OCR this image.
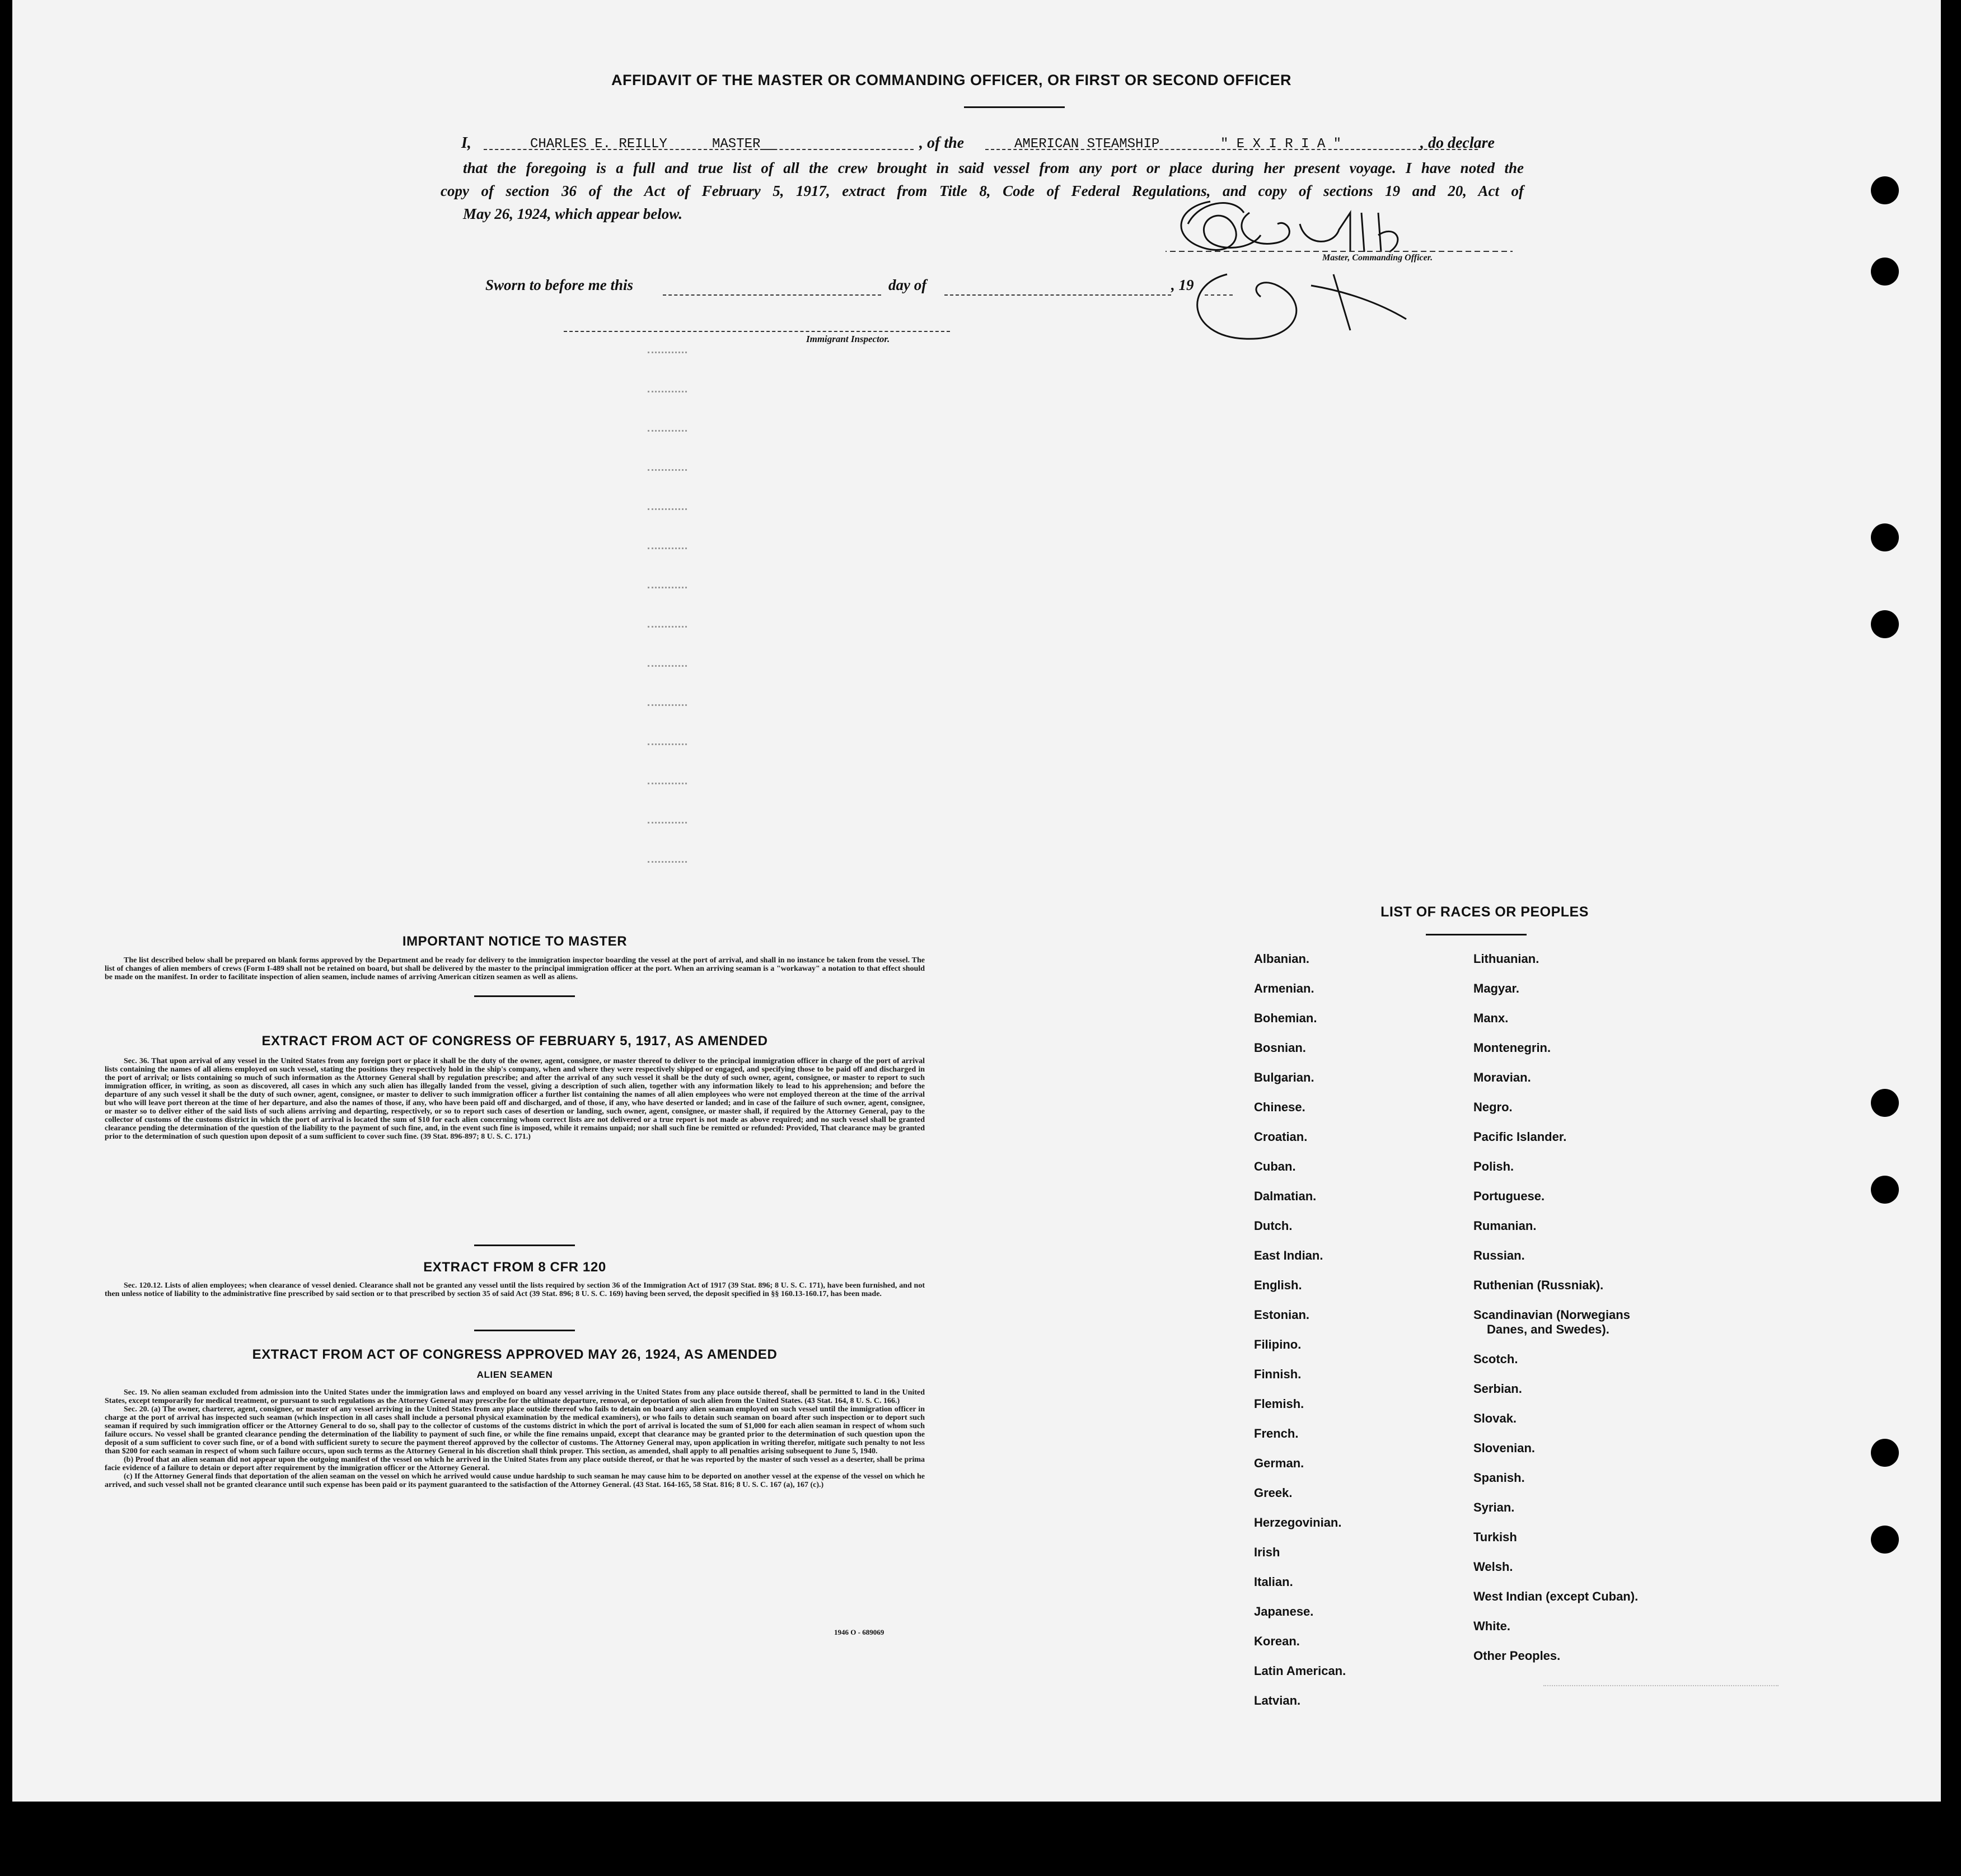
AFFIDAVIT OF THE MASTER OR COMMANDING OFFICER, OR FIRST OR SECOND OFFICER
I,	CHARLES E. REILLY	MASTER	, of the	AMERICAN STEAMSHIP	" E X I R I A "	, do declare
that the foregoing is a full and true list of all the crew brought in said vessel from any port or place during her present voyage. I have noted the
copy of section 36 of the Act of February 5, 1917, extract from Title 8, Code of Federal Regulations, and copy of sections 19 and 20, Act of
May 26, 1924, which appear below.
Master, Commanding Officer.
Sworn to before me this	day of	, 19
Immigrant Inspector.
IMPORTANT NOTICE TO MASTER
The list described below shall be prepared on blank forms approved by the Department and be ready for delivery to the immigration inspector boarding the vessel at the port of arrival, and shall in no instance be taken from the vessel. The list of changes of alien members of crews (Form I-489 shall not be retained on board, but shall be delivered by the master to the principal immigration officer at the port. When an arriving seaman is a "workaway" a notation to that effect should be made on the manifest. In order to facilitate inspection of alien seamen, include names of arriving American citizen seamen as well as aliens.
EXTRACT FROM ACT OF CONGRESS OF FEBRUARY 5, 1917, AS AMENDED
Sec. 36. That upon arrival of any vessel in the United States from any foreign port or place it shall be the duty of the owner, agent, consignee, or master thereof to deliver to the principal immigration officer in charge of the port of arrival lists containing the names of all aliens employed on such vessel, stating the positions they respectively hold in the ship's company, when and where they were respectively shipped or engaged, and specifying those to be paid off and discharged in the port of arrival; or lists containing so much of such information as the Attorney General shall by regulation prescribe; and after the arrival of any such vessel it shall be the duty of such owner, agent, consignee, or master to report to such immigration officer, in writing, as soon as discovered, all cases in which any such alien has illegally landed from the vessel, giving a description of such alien, together with any information likely to lead to his apprehension; and before the departure of any such vessel it shall be the duty of such owner, agent, consignee, or master to deliver to such immigration officer a further list containing the names of all alien employees who were not employed thereon at the time of the arrival but who will leave port thereon at the time of her departure, and also the names of those, if any, who have been paid off and discharged, and of those, if any, who have deserted or landed; and in case of the failure of such owner, agent, consignee, or master so to deliver either of the said lists of such aliens arriving and departing, respectively, or so to report such cases of desertion or landing, such owner, agent, consignee, or master shall, if required by the Attorney General, pay to the collector of customs of the customs district in which the port of arrival is located the sum of $10 for each alien concerning whom correct lists are not delivered or a true report is not made as above required; and no such vessel shall be granted clearance pending the determination of the question of the liability to the payment of such fine, and, in the event such fine is imposed, while it remains unpaid; nor shall such fine be remitted or refunded: Provided, That clearance may be granted prior to the determination of such question upon deposit of a sum sufficient to cover such fine. (39 Stat. 896-897; 8 U. S. C. 171.)
EXTRACT FROM 8 CFR 120
Sec. 120.12. Lists of alien employees; when clearance of vessel denied. Clearance shall not be granted any vessel until the lists required by section 36 of the Immigration Act of 1917 (39 Stat. 896; 8 U. S. C. 171), have been furnished, and not then unless notice of liability to the administrative fine prescribed by said section or to that prescribed by section 35 of said Act (39 Stat. 896; 8 U. S. C. 169) having been served, the deposit specified in §§ 160.13-160.17, has been made.
EXTRACT FROM ACT OF CONGRESS APPROVED MAY 26, 1924, AS AMENDED
ALIEN SEAMEN
Sec. 19. No alien seaman excluded from admission into the United States under the immigration laws and employed on board any vessel arriving in the United States from any place outside thereof, shall be permitted to land in the United States, except temporarily for medical treatment, or pursuant to such regulations as the Attorney General may prescribe for the ultimate departure, removal, or deportation of such alien from the United States. (43 Stat. 164, 8 U. S. C. 166.)
Sec. 20. (a) The owner, charterer, agent, consignee, or master of any vessel arriving in the United States from any place outside thereof who fails to detain on board any alien seaman employed on such vessel until the immigration officer in charge at the port of arrival has inspected such seaman (which inspection in all cases shall include a personal physical examination by the medical examiners), or who fails to detain such seaman on board after such inspection or to deport such seaman if required by such immigration officer or the Attorney General to do so, shall pay to the collector of customs of the customs district in which the port of arrival is located the sum of $1,000 for each alien seaman in respect of whom such failure occurs. No vessel shall be granted clearance pending the determination of the liability to payment of such fine, or while the fine remains unpaid, except that clearance may be granted prior to the determination of such question upon the deposit of a sum sufficient to cover such fine, or of a bond with sufficient surety to secure the payment thereof approved by the collector of customs. The Attorney General may, upon application in writing therefor, mitigate such penalty to not less than $200 for each seaman in respect of whom such failure occurs, upon such terms as the Attorney General in his discretion shall think proper. This section, as amended, shall apply to all penalties arising subsequent to June 5, 1940.
(b) Proof that an alien seaman did not appear upon the outgoing manifest of the vessel on which he arrived in the United States from any place outside thereof, or that he was reported by the master of such vessel as a deserter, shall be prima facie evidence of a failure to detain or deport after requirement by the immigration officer or the Attorney General.
(c) If the Attorney General finds that deportation of the alien seaman on the vessel on which he arrived would cause undue hardship to such seaman he may cause him to be deported on another vessel at the expense of the vessel on which he arrived, and such vessel shall not be granted clearance until such expense has been paid or its payment guaranteed to the satisfaction of the Attorney General. (43 Stat. 164-165, 58 Stat. 816; 8 U. S. C. 167 (a), 167 (c).)
1946 O - 689069
LIST OF RACES OR PEOPLES
Albanian.
Armenian.
Bohemian.
Bosnian.
Bulgarian.
Chinese.
Croatian.
Cuban.
Dalmatian.
Dutch.
East Indian.
English.
Estonian.
Filipino.
Finnish.
Flemish.
French.
German.
Greek.
Herzegovinian.
Irish
Italian.
Japanese.
Korean.
Latin American.
Latvian.
Lithuanian.
Magyar.
Manx.
Montenegrin.
Moravian.
Negro.
Pacific Islander.
Polish.
Portuguese.
Rumanian.
Russian.
Ruthenian (Russniak).
Scandinavian (Norwegians
Danes, and Swedes).
Scotch.
Serbian.
Slovak.
Slovenian.
Spanish.
Syrian.
Turkish
Welsh.
West Indian (except Cuban).
White.
Other Peoples.
